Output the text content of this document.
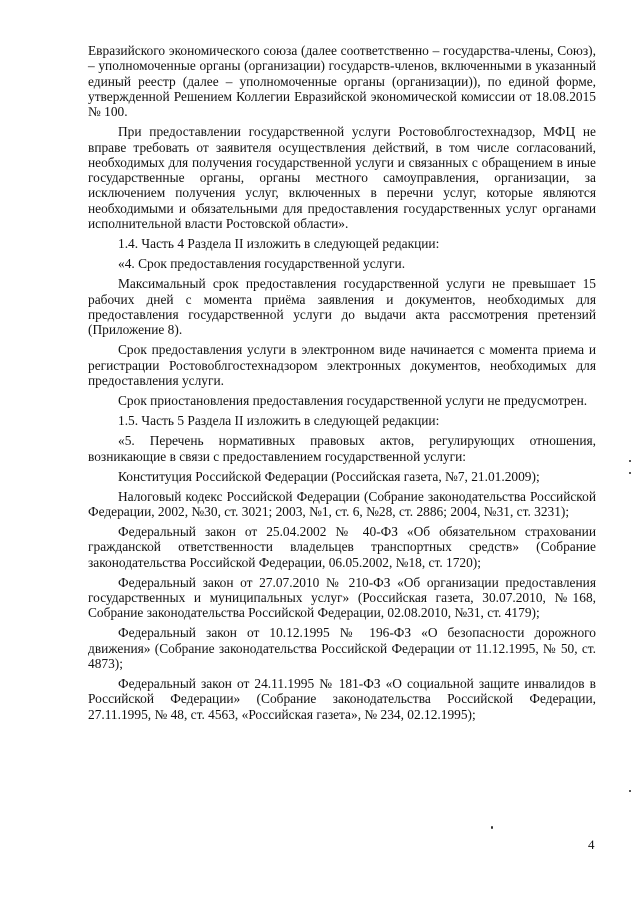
Евразийского экономического союза (далее соответственно – государства-члены, Союз), – уполномоченные органы (организации) государств-членов, включенными в указанный единый реестр (далее – уполномоченные органы (организации)), по единой форме, утвержденной Решением Коллегии Евразийской экономической комиссии от 18.08.2015 № 100.

При предоставлении государственной услуги Ростовоблгостехнадзор, МФЦ не вправе требовать от заявителя осуществления действий, в том числе согласований, необходимых для получения государственной услуги и связанных с обращением в иные государственные органы, органы местного самоуправления, организации, за исключением получения услуг, включенных в перечни услуг, которые являются необходимыми и обязательными для предоставления государственных услуг органами исполнительной власти Ростовской области».

1.4. Часть 4 Раздела II изложить в следующей редакции:

«4. Срок предоставления государственной услуги.

Максимальный срок предоставления государственной услуги не превышает 15 рабочих дней с момента приёма заявления и документов, необходимых для предоставления государственной услуги до выдачи акта рассмотрения претензий (Приложение 8).

Срок предоставления услуги в электронном виде начинается с момента приема и регистрации Ростовоблгостехнадзором электронных документов, необходимых для предоставления услуги.

Срок приостановления предоставления государственной услуги не предусмотрен.

1.5. Часть 5 Раздела II изложить в следующей редакции:

«5. Перечень нормативных правовых актов, регулирующих отношения, возникающие в связи с предоставлением государственной услуги:

Конституция Российской Федерации (Российская газета, №7, 21.01.2009);

Налоговый кодекс Российской Федерации (Собрание законодательства Российской Федерации, 2002, №30, ст. 3021; 2003, №1, ст. 6, №28, ст. 2886; 2004, №31, ст. 3231);

Федеральный закон от 25.04.2002 № 40-ФЗ «Об обязательном страховании гражданской ответственности владельцев транспортных средств» (Собрание законодательства Российской Федерации, 06.05.2002, №18, ст. 1720);

Федеральный закон от 27.07.2010 № 210-ФЗ «Об организации предоставления государственных и муниципальных услуг» (Российская газета, 30.07.2010, №168, Собрание законодательства Российской Федерации, 02.08.2010, №31, ст. 4179);

Федеральный закон от 10.12.1995 № 196-ФЗ «О безопасности дорожного движения» (Собрание законодательства Российской Федерации от 11.12.1995, № 50, ст. 4873);

Федеральный закон от 24.11.1995 № 181-ФЗ «О социальной защите инвалидов в Российской Федерации» (Собрание законодательства Российской Федерации, 27.11.1995, № 48, ст. 4563, «Российская газета», № 234, 02.12.1995);

4
